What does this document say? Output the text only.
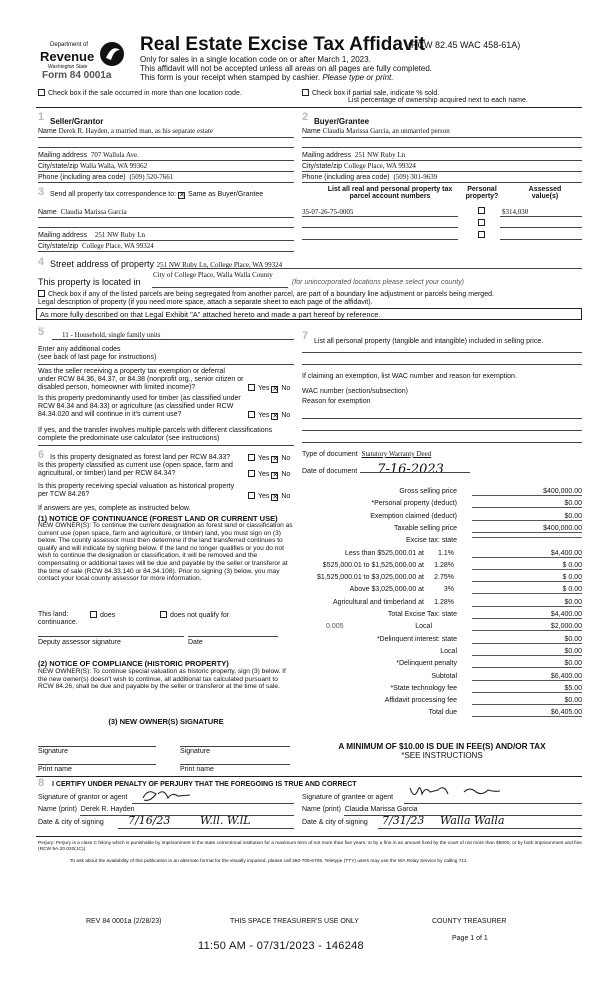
Department of
Revenue
Washington State
Form 84 0001a
Real Estate Excise Tax Affidavit
(RCW 82.45 WAC 458-61A)
Only for sales in a single location code on or after March 1, 2023.
This affidavit will not be accepted unless all areas on all pages are fully completed.
This form is your receipt when stamped by cashier. Please type or print.
Check box if the sale occurred in more than one location code.	Check box if partial sale, indicate % sold.
List percentage of ownership acquired next to each name.
1 Seller/Grantor
Name Derek R. Hayden, a married man, as his separate estate
Mailing address 707 Wallula Ave.
City/state/zip Walla Walla, WA 99362
Phone (including area code) (509) 520-7661
2 Buyer/Grantee
Name Claudia Marissa Garcia, an unmarried person
Mailing address 251 NW Ruby Ln
City/state/zip College Place, WA 99324
Phone (including area code) (509) 301-9639
3 Send all property tax correspondence to: ✕ Same as Buyer/Grantee
Name Claudia Marissa Garcia
Mailing address 251 NW Ruby Ln
City/state/zip College Place, WA 99324
List all real and personal property tax
parcel account numbers
Personal
property?
Assessed
value(s)
35-07-26-75-0005	$314,030
4 Street address of property 251 NW Ruby Ln, College Place, WA 99324
This property is located in
City of College Place, Walla Walla County
(for unincorporated locations please select your county)
Check box if any of the listed parcels are being segregated from another parcel, are part of a boundary line adjustment or parcels being merged.
Legal description of property (if you need more space, attach a separate sheet to each page of the affidavit).
As more fully described on that Legal Exhibit "A" attached hereto and made a part hereof by reference.
5	11 - Household, single family units
Enter any additional codes
(see back of last page for instructions)
Was the seller receiving a property tax exemption or deferral under RCW 84.36, 84.37, or 84.38 (nonprofit org., senior citizen or disabled person, homeowner with limited income)?	Yes ✕ No
Is this property predominantly used for timber (as classified under RCW 84.34 and 84.33) or agriculture (as classified under RCW 84.34.020 and will continue in it's current use?	Yes ✕ No
If yes, and the transfer involves multiple parcels with different classifications complete the predominate use calculator (see instructions)
6 Is this property designated as forest land per RCW 84.33?	Yes ✕ No
Is this property classified as current use (open space, farm and agricultural, or timber) land per RCW 84.34?	Yes ✕ No
Is this property receiving special valuation as historical property per TCW 84.26?	Yes ✕ No
If answers are yes, complete as instructed below.
(1) NOTICE OF CONTINUANCE (FOREST LAND OR CURRENT USE)
NEW OWNER(S): To continue the current designation as forest land or classification as current use (open space, farm and agriculture, or timber) land, you must sign on (3) below. The county assessor must then determine if the land transferred continues to qualify and will indicate by signing below. If the land no longer qualifies or you do not wish to continue the designation or classification, it will be removed and the compensating or additional taxes will be due and payable by the seller or transferor at the time of sale (RCW 84.33.140 or 84.34.108). Prior to signing (3) below, you may contact your local county assessor for more information.
This land:
continuance.
does	does not qualify for
Deputy assessor signature	Date
(2) NOTICE OF COMPLIANCE (HISTORIC PROPERTY)
NEW OWNER(S): To continue special valuation as historic property, sign (3) below. If the new owner(s) doesn't wish to continue, all additional tax calculated pursuant to RCW 84.26, shall be due and payable by the seller or transferor at the time of sale.
(3) NEW OWNER(S) SIGNATURE
Signature	Signature
Print name	Print name
7 List all personal property (tangible and intangible) included in selling price.
If claiming an exemption, list WAC number and reason for exemption.
WAC number (section/subsection)
Reason for exemption
Type of document Statutory Warranty Deed
Date of document 7-16-2023
Gross selling price	$400,000.00
*Personal property (deduct)	$0.00
Exemption claimed (deduct)	$0.00
Taxable selling price	$400,000.00
Excise tax: state
Less than $525,000.01 at 1.1%	$4,400.00
$525,000.01 to $1,525,000.00 at 1.28%	$ 0.00
$1,525,000.01 to $3,025,000.00 at 2.75%	$ 0.00
Above $3,025,000.00 at	3%	$ 0.00
Agricultural and timberland at 1.28%	$0.00
Total Excise Tax: state	$4,400.00
Local
0.005	$2,000.00
*Delinquent interest: state	$0.00
Local	$0.00
*Delinquent penalty	$0.00
Subtotal	$6,400.00
*State technology fee	$5.00
Affidavit processing fee	$0.00
Total due	$6,405.00
A MINIMUM OF $10.00 IS DUE IN FEE(S) AND/OR TAX
*SEE INSTRUCTIONS
8 I CERTIFY UNDER PENALTY OF PERJURY THAT THE FOREGOING IS TRUE AND CORRECT
Signature of grantor or agent
Name (print) Derek R. Hayden
Date & city of signing 7/16/23	W.ll. W.lL
Signature of grantee or agent
Name (print) Claudia Marissa Garcia
Date & city of signing 7/31/23 Walla Walla
Perjury: Perjury is a class C felony which is punishable by imprisonment in the state correctional institution for a maximum term of not more than five years, or by a fine in an amount fixed by the court of not more than $5000, or by both imprisonment and fine (RCW 9A.20.020(1C)).
To ask about the availability of this publication in an alternate format for the visually impaired, please call 360-705-6705. Teletype (TTY) users may use the WA Relay Service by calling 711.
REV 84 0001a (2/28/23)	THIS SPACE TREASURER'S USE ONLY	COUNTY TREASURER
Page 1 of 1
11:50 AM - 07/31/2023 - 146248
